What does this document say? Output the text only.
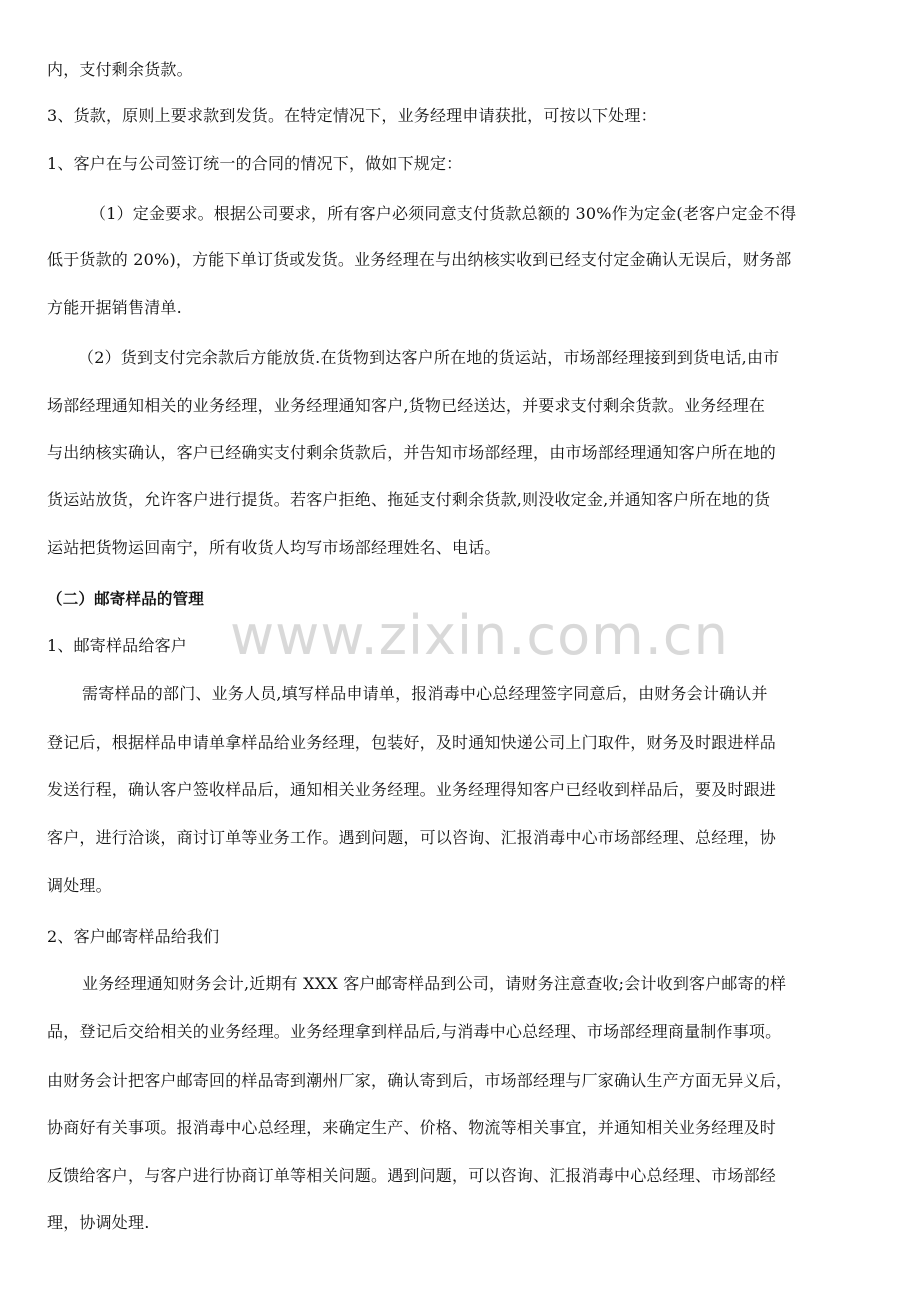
www.zixin.com.cn
内，支付剩余货款。
3、货款，原则上要求款到发货。在特定情况下，业务经理申请获批，可按以下处理：
1、客户在与公司签订统一的合同的情况下，做如下规定：
（1）定金要求。根据公司要求，所有客户必须同意支付货款总额的 30%作为定金(老客户定金不得
低于货款的 20%)，方能下单订货或发货。业务经理在与出纳核实收到已经支付定金确认无误后，财务部
方能开据销售清单.
（2）货到支付完余款后方能放货.在货物到达客户所在地的货运站，市场部经理接到到货电话,由市
场部经理通知相关的业务经理，业务经理通知客户,货物已经送达，并要求支付剩余货款。业务经理在
与出纳核实确认，客户已经确实支付剩余货款后，并告知市场部经理，由市场部经理通知客户所在地的
货运站放货，允许客户进行提货。若客户拒绝、拖延支付剩余货款,则没收定金,并通知客户所在地的货
运站把货物运回南宁，所有收货人均写市场部经理姓名、电话。
（二）邮寄样品的管理
1、邮寄样品给客户
需寄样品的部门、业务人员,填写样品申请单，报消毒中心总经理签字同意后，由财务会计确认并
登记后，根据样品申请单拿样品给业务经理，包装好，及时通知快递公司上门取件，财务及时跟进样品
发送行程，确认客户签收样品后，通知相关业务经理。业务经理得知客户已经收到样品后，要及时跟进
客户，进行洽谈，商讨订单等业务工作。遇到问题，可以咨询、汇报消毒中心市场部经理、总经理，协
调处理。
2、客户邮寄样品给我们
业务经理通知财务会计,近期有 XXX 客户邮寄样品到公司，请财务注意查收;会计收到客户邮寄的样
品，登记后交给相关的业务经理。业务经理拿到样品后,与消毒中心总经理、市场部经理商量制作事项。
由财务会计把客户邮寄回的样品寄到潮州厂家，确认寄到后，市场部经理与厂家确认生产方面无异义后，
协商好有关事项。报消毒中心总经理，来确定生产、价格、物流等相关事宜，并通知相关业务经理及时
反馈给客户，与客户进行协商订单等相关问题。遇到问题，可以咨询、汇报消毒中心总经理、市场部经
理，协调处理.
